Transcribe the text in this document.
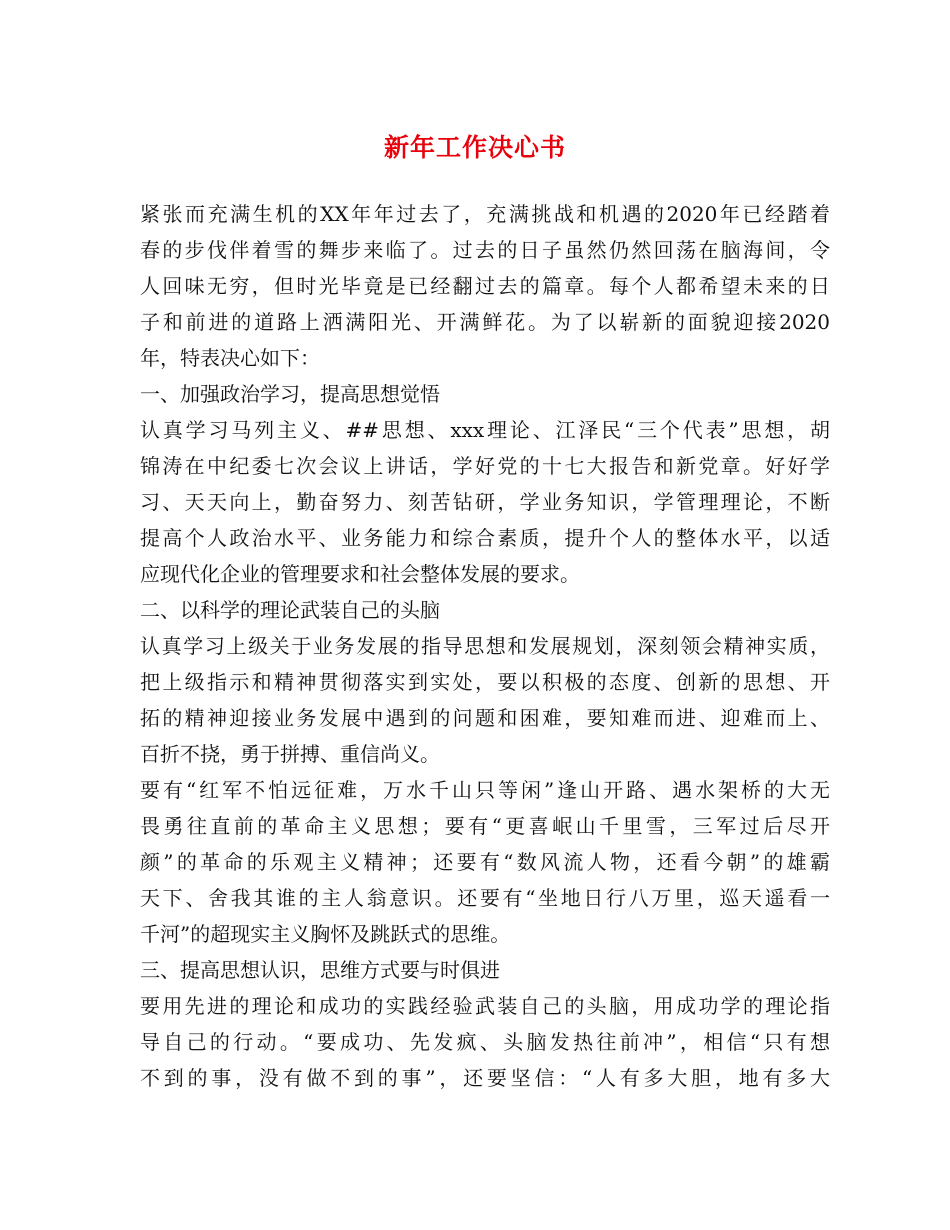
新年工作决心书
紧张而充满生机的XX年年过去了，充满挑战和机遇的2020年已经踏着
春的步伐伴着雪的舞步来临了。过去的日子虽然仍然回荡在脑海间，令
人回味无穷，但时光毕竟是已经翻过去的篇章。每个人都希望未来的日
子和前进的道路上洒满阳光、开满鲜花。为了以崭新的面貌迎接2020
年，特表决心如下：
一、加强政治学习，提高思想觉悟
认真学习马列主义、##思想、xxx理论、江泽民“三个代表”思想，胡
锦涛在中纪委七次会议上讲话，学好党的十七大报告和新党章。好好学
习、天天向上，勤奋努力、刻苦钻研，学业务知识，学管理理论，不断
提高个人政治水平、业务能力和综合素质，提升个人的整体水平，以适
应现代化企业的管理要求和社会整体发展的要求。
二、以科学的理论武装自己的头脑
认真学习上级关于业务发展的指导思想和发展规划，深刻领会精神实质，
把上级指示和精神贯彻落实到实处，要以积极的态度、创新的思想、开
拓的精神迎接业务发展中遇到的问题和困难，要知难而进、迎难而上、
百折不挠，勇于拼搏、重信尚义。
要有“红军不怕远征难，万水千山只等闲”逢山开路、遇水架桥的大无
畏勇往直前的革命主义思想；要有“更喜岷山千里雪，三军过后尽开
颜”的革命的乐观主义精神；还要有“数风流人物，还看今朝”的雄霸
天下、舍我其谁的主人翁意识。还要有“坐地日行八万里，巡天遥看一
千河”的超现实主义胸怀及跳跃式的思维。
三、提高思想认识，思维方式要与时俱进
要用先进的理论和成功的实践经验武装自己的头脑，用成功学的理论指
导自己的行动。“要成功、先发疯、头脑发热往前冲”，相信“只有想
不到的事，没有做不到的事”，还要坚信：“人有多大胆，地有多大
